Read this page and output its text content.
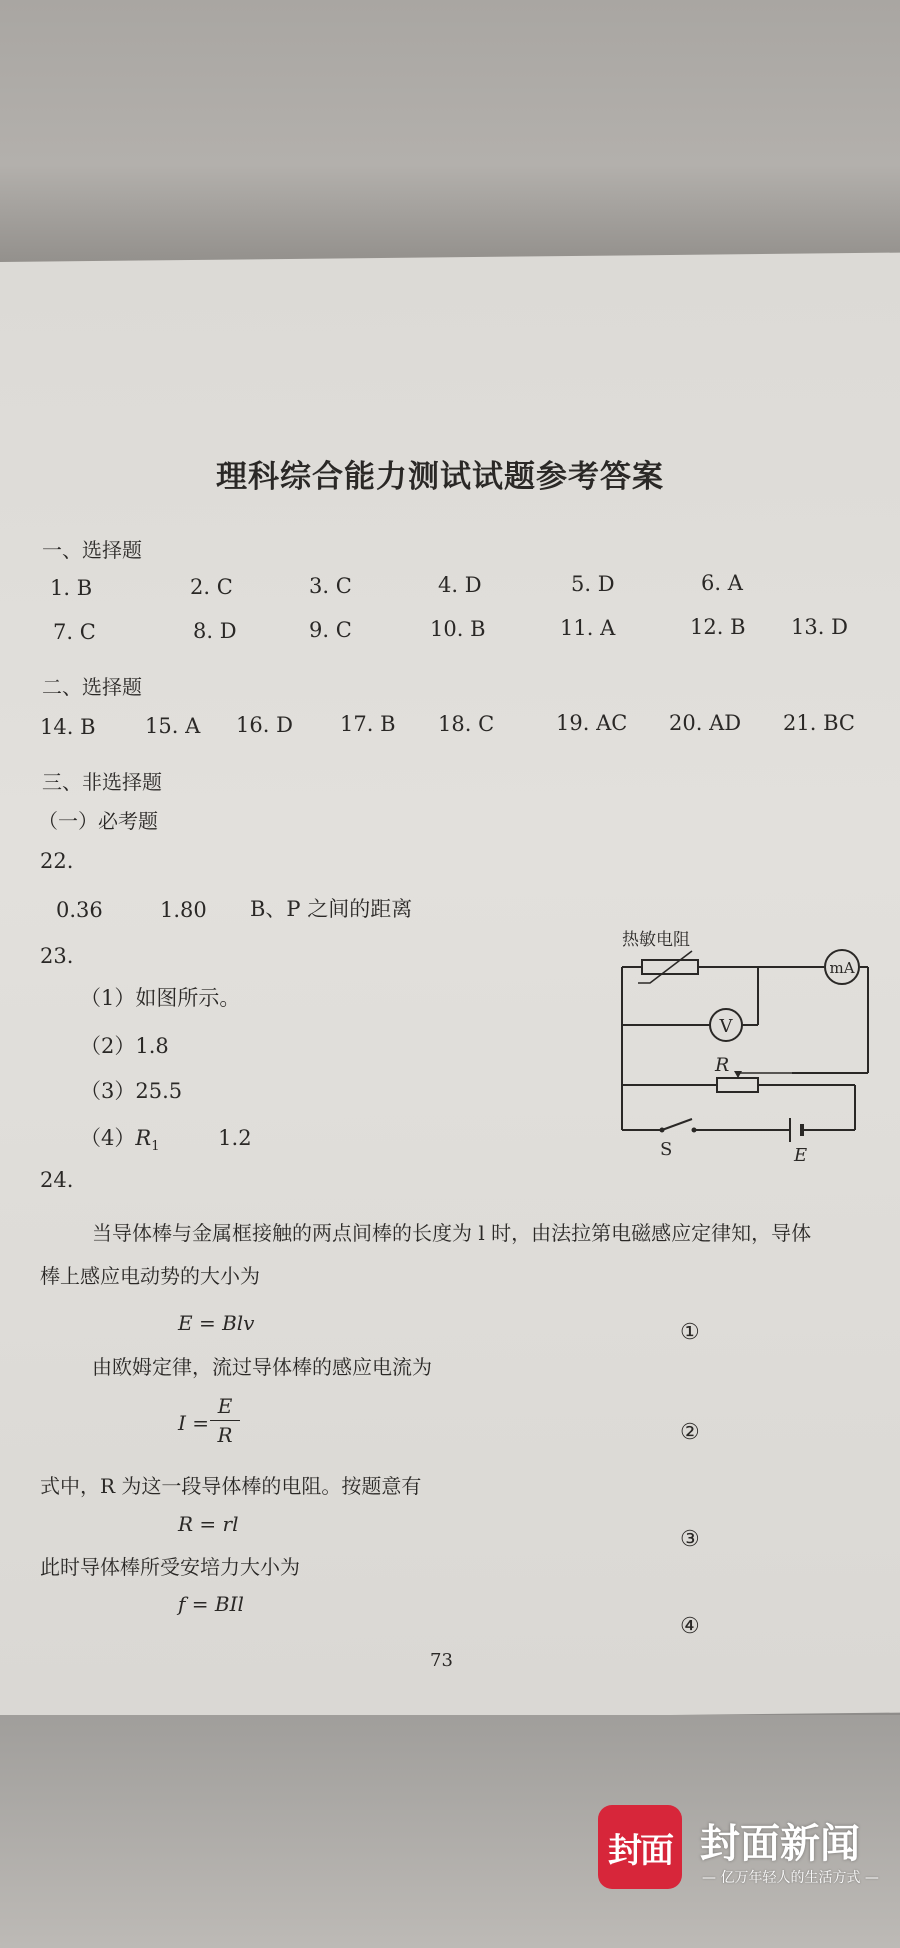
理科综合能力测试试题参考答案
一、选择题
1. B	2. C	3. C	4. D	5. D	6. A
7. C	8. D	9. C	10. B	11. A	12. B 13. D
二、选择题
14. B 15. A 16. D 17. B 18. C	19. AC 20. AD 21. BC
三、非选择题
（一）必考题
22.
0.36	1.80 B、P 之间的距离
23.
（1）如图所示。
（2）1.8
（3）25.5
$(4)R_1$	1.2
热敏电阻
mA
V
R
S	E
24.
当导体棒与金属框接触的两点间棒的长度为 l 时，由法拉第电磁感应定律知，导体
棒上感应电动势的大小为
E = Blv	①
由欧姆定律，流过导体棒的感应电流为
I =
E
R	②
式中，R 为这一段导体棒的电阻。按题意有
R = rl
③
此时导体棒所受安培力大小为
f = BIl
④
73
封面 封面新闻
— 亿万年轻人的生活方式 —
